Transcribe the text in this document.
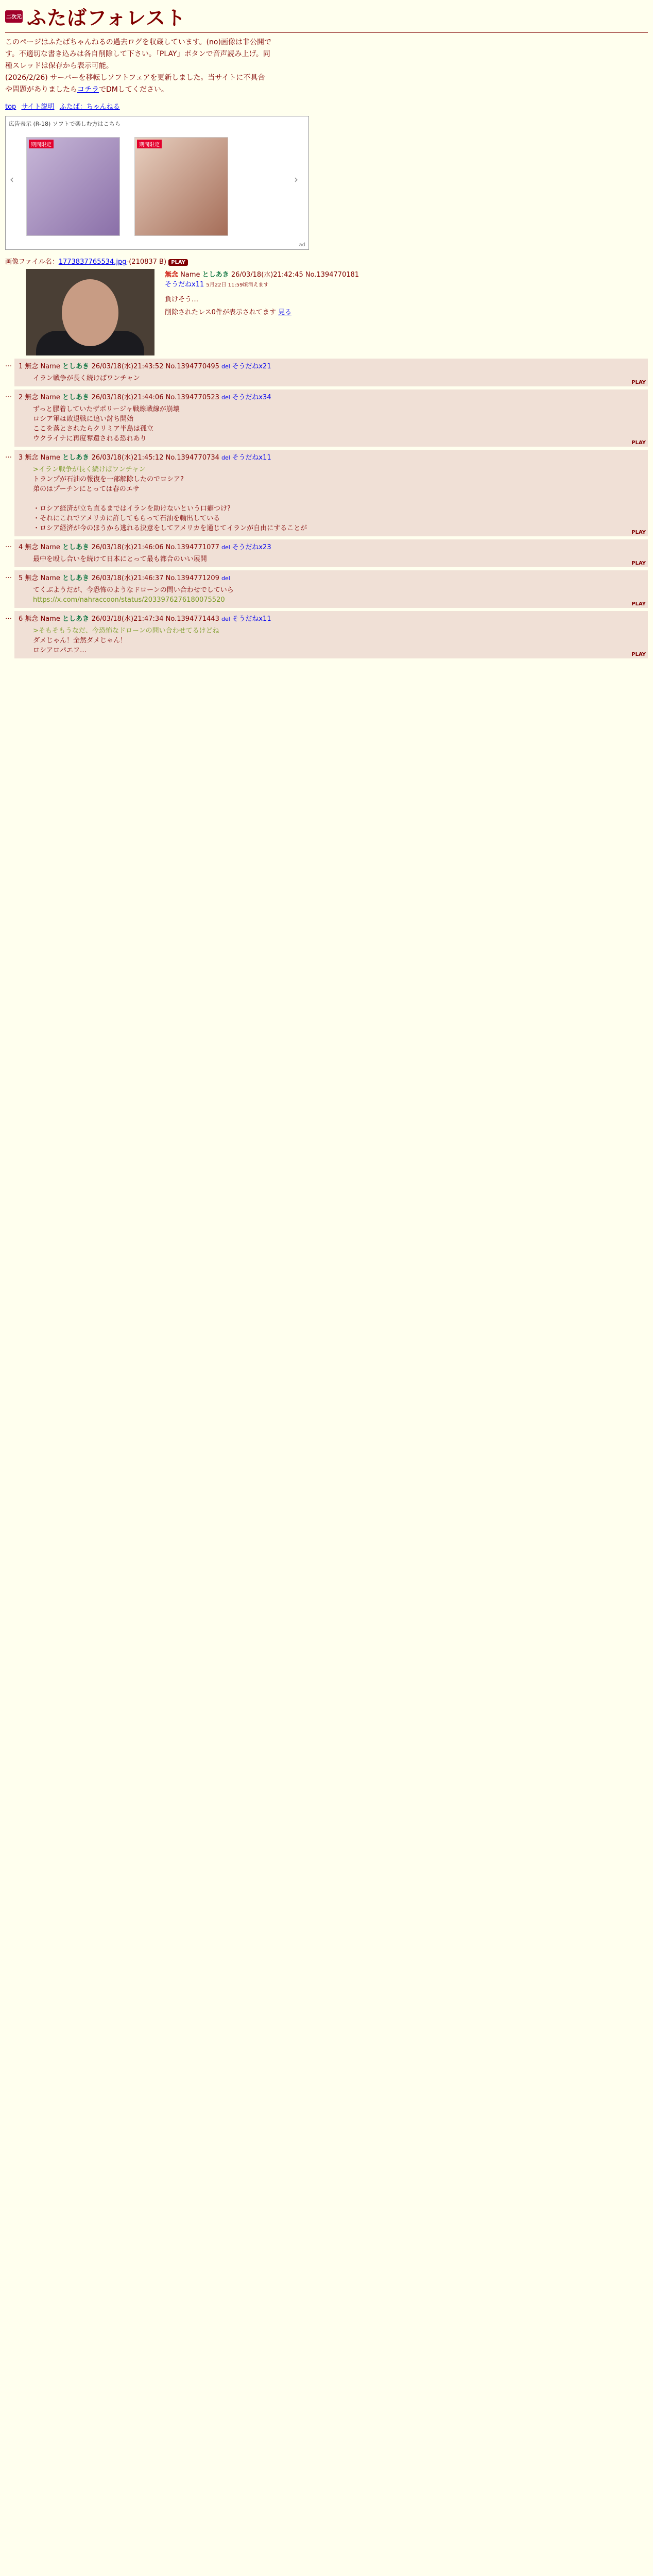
二次元 ふたばフォレスト

このページはふたばちゃんねるの過去ログを収蔵しています。(no)画像は非公開で

す。不適切な書き込みは各自削除して下さい。「PLAY」ボタンで音声読み上げ。同

種スレッドは保存から表示可能。

(2026/2/26) サーバーを移転しソフトフェアを更新しました。当サイトに不具合

や問題がありましたらコチラでDMしてください。

top サイト説明 ふたば：ちゃんねる
広告表示 (R-18) ソフトで楽しむ方はこちら
‹
期間限定	期間限定
›
ad
画像ファイル名：1773837765534.jpg-(210837 B) PLAY
無念 Name としあき 26/03/18(水)21:42:45 No.1394770181
そうだねx11 5月22日 11:59頃消えます

負けそう…

削除されたレス0件が表示されてます 見る

…	1 無念 Name としあき 26/03/18(水)21:43:52 No.1394770495 del そうだねx21
イラン戦争が長く続けばワンチャン
PLAY
…	2 無念 Name としあき 26/03/18(水)21:44:06 No.1394770523 del そうだねx34
ずっと膠着していたザポリージャ戦線戦線が崩壊
ロシア軍は敗退戦に追い討ち開始
ここを落とされたらクリミア半島は孤立
ウクライナに再度奪還される恐れあり
PLAY
…	3 無念 Name としあき 26/03/18(水)21:45:12 No.1394770734 del そうだねx11
>イラン戦争が長く続けばワンチャン
トランプが石油の報復を一部解除したのでロシア?
弟のはプーチンにとっては春のエサ

・ロシア経済が立ち直るまではイランを助けないという口癖つけ?
・それにこれでアメリカに許してもらって石油を輸出している
・ロシア経済が今のほうから逃れる決意をしてアメリカを通じてイランが自由にすることが
PLAY
…	4 無念 Name としあき 26/03/18(水)21:46:06 No.1394771077 del そうだねx23
最中を殴し合いを続けて日本にとって最も都合のいい展開
PLAY
…	5 無念 Name としあき 26/03/18(水)21:46:37 No.1394771209 del
てくぶようだが、今恐怖のようなドローンの問い合わせでしていら
https://x.com/nahraccoon/status/2033976276180075520
PLAY
…	6 無念 Name としあき 26/03/18(水)21:47:34 No.1394771443 del そうだねx11
>そもそもうなだ、今恐怖なドローンの問い合わせてるけどね
ダメじゃん！全然ダメじゃん！
ロシアロパエフ…
PLAY
